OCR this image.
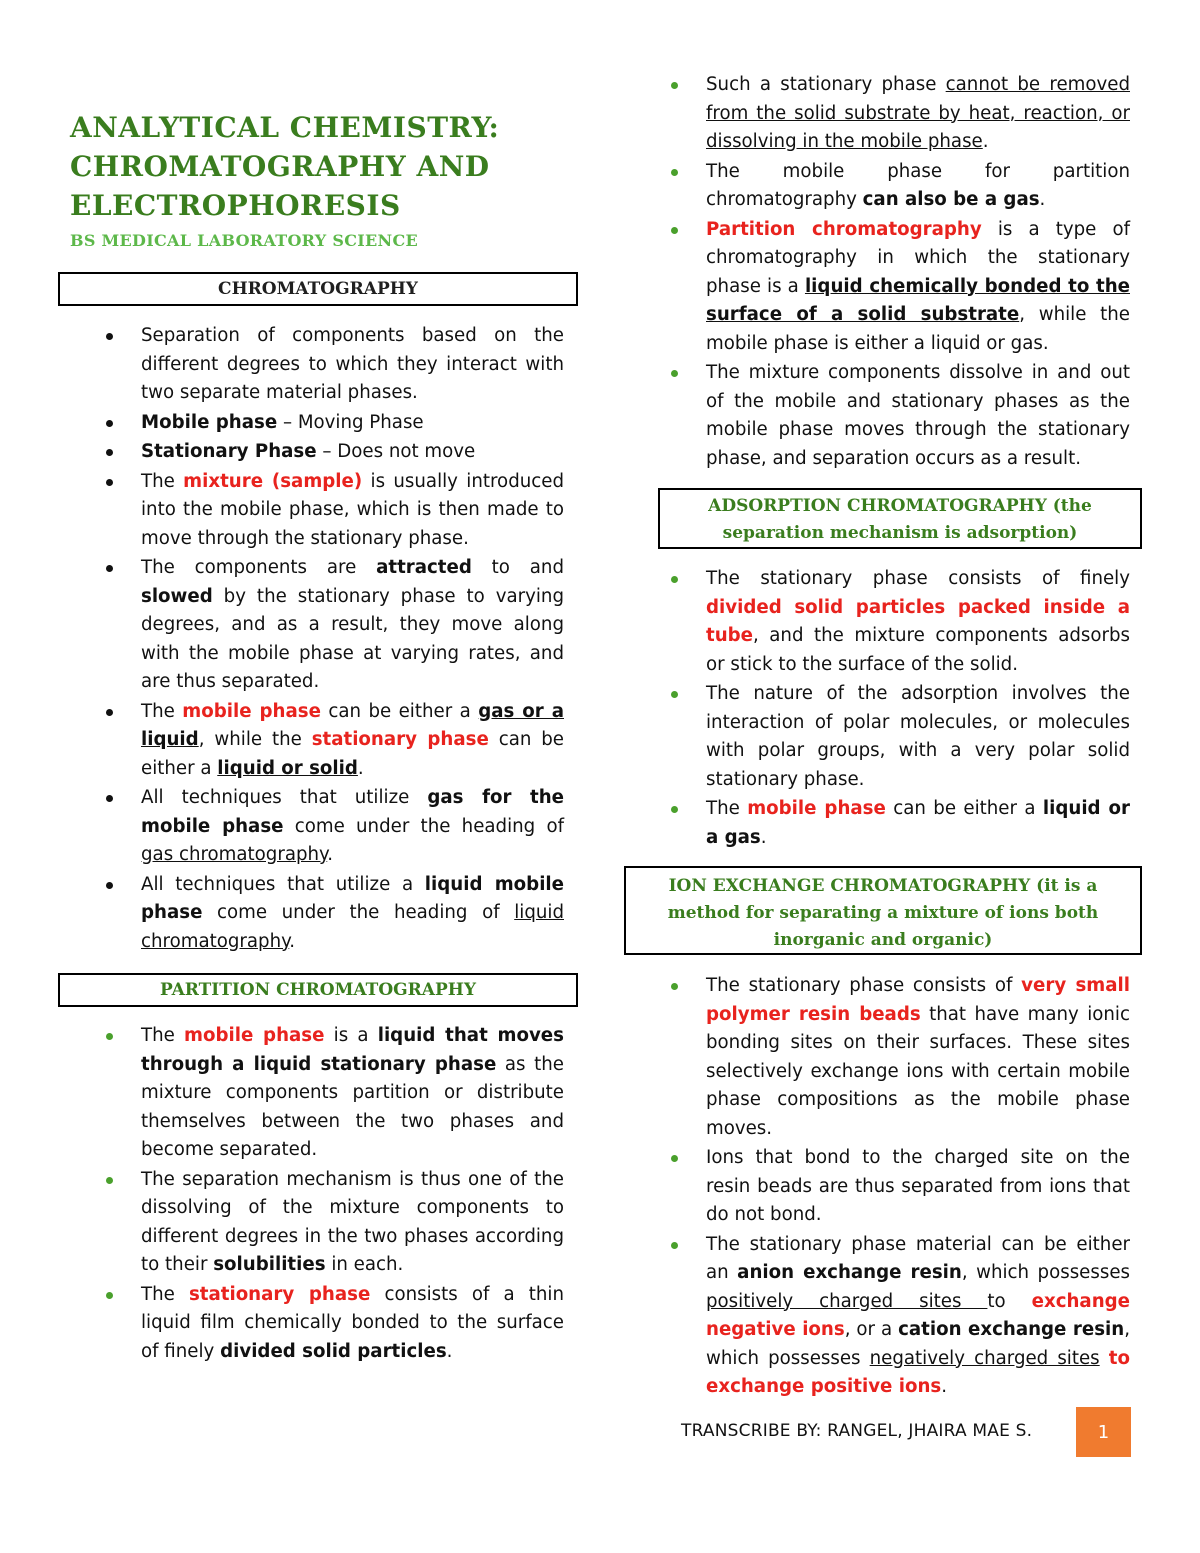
ANALYTICAL CHEMISTRY:
CHROMATOGRAPHY AND
ELECTROPHORESIS
BS MEDICAL LABORATORY SCIENCE
CHROMATOGRAPHY
Separation of components based on the different degrees to which they interact with two separate material phases.
Mobile phase – Moving Phase
Stationary Phase – Does not move
The mixture (sample) is usually introduced into the mobile phase, which is then made to move through the stationary phase.
The components are attracted to and slowed by the stationary phase to varying degrees, and as a result, they move along with the mobile phase at varying rates, and are thus separated.
The mobile phase can be either a gas or a liquid, while the stationary phase can be either a liquid or solid.
All techniques that utilize gas for the mobile phase come under the heading of gas chromatography.
All techniques that utilize a liquid mobile phase come under the heading of liquid chromatography.
PARTITION CHROMATOGRAPHY
The mobile phase is a liquid that moves through a liquid stationary phase as the mixture components partition or distribute themselves between the two phases and become separated.
The separation mechanism is thus one of the dissolving of the mixture components to different degrees in the two phases according to their solubilities in each.
The stationary phase consists of a thin liquid film chemically bonded to the surface of finely divided solid particles.
Such a stationary phase cannot be removed from the solid substrate by heat, reaction, or dissolving in the mobile phase.
The mobile phase for partition chromatography can also be a gas.
Partition chromatography is a type of chromatography in which the stationary phase is a liquid chemically bonded to the surface of a solid substrate, while the mobile phase is either a liquid or gas.
The mixture components dissolve in and out of the mobile and stationary phases as the mobile phase moves through the stationary phase, and separation occurs as a result.
ADSORPTION CHROMATOGRAPHY (the separation mechanism is adsorption)
The stationary phase consists of finely divided solid particles packed inside a tube, and the mixture components adsorbs or stick to the surface of the solid.
The nature of the adsorption involves the interaction of polar molecules, or molecules with polar groups, with a very polar solid stationary phase.
The mobile phase can be either a liquid or a gas.
ION EXCHANGE CHROMATOGRAPHY (it is a method for separating a mixture of ions both inorganic and organic)
The stationary phase consists of very small polymer resin beads that have many ionic bonding sites on their surfaces. These sites selectively exchange ions with certain mobile phase compositions as the mobile phase moves.
Ions that bond to the charged site on the resin beads are thus separated from ions that do not bond.
The stationary phase material can be either an anion exchange resin, which possesses positively charged sites to exchange negative ions, or a cation exchange resin, which possesses negatively charged sites to exchange positive ions.
TRANSCRIBE BY: RANGEL, JHAIRA MAE S.	1
